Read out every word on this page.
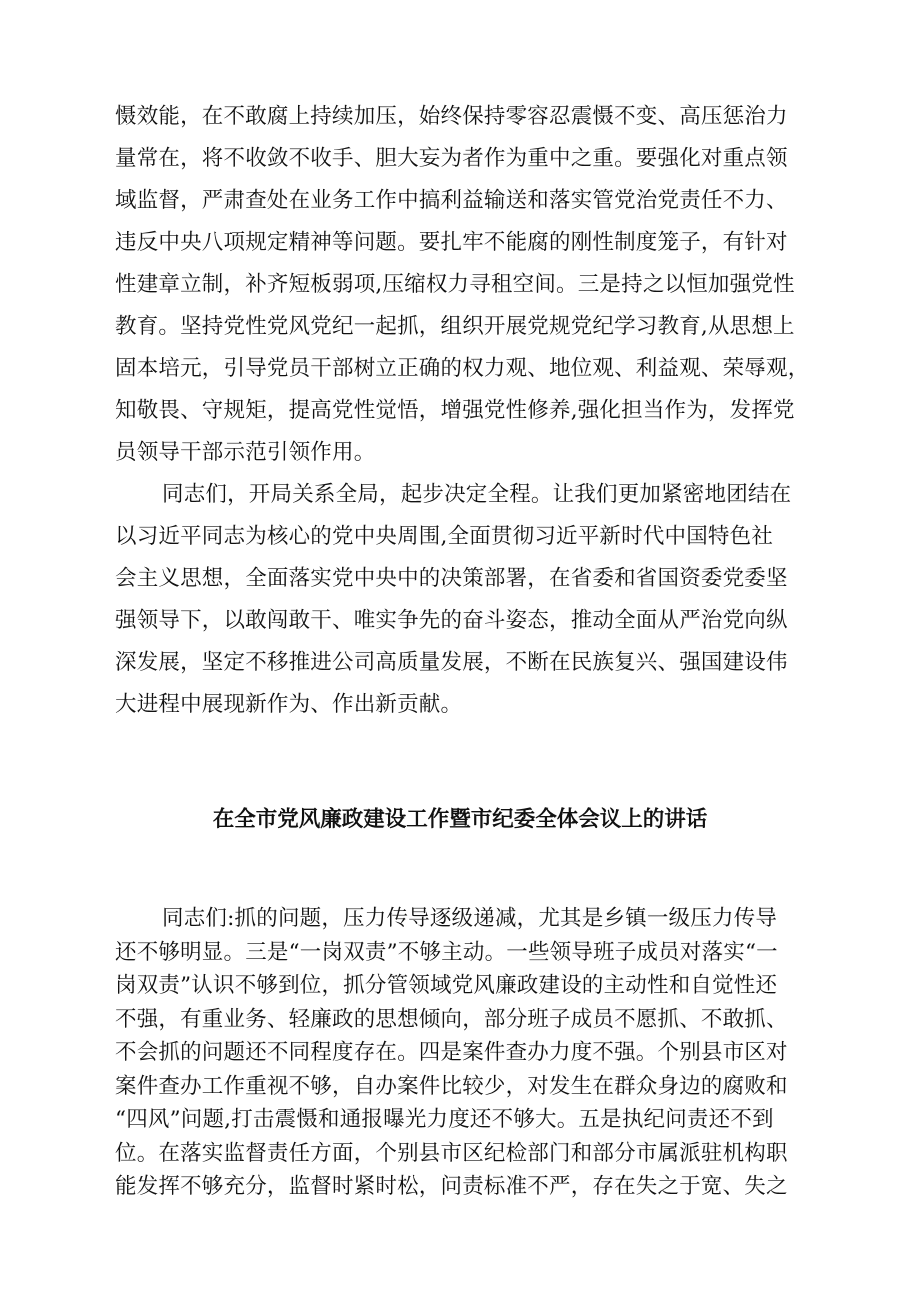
慑效能，在不敢腐上持续加压，始终保持零容忍震慑不变、高压惩治力
量常在，将不收敛不收手、胆大妄为者作为重中之重。要强化对重点领
域监督，严肃查处在业务工作中搞利益输送和落实管党治党责任不力、
违反中央八项规定精神等问题。要扎牢不能腐的刚性制度笼子，有针对
性建章立制，补齐短板弱项,压缩权力寻租空间。三是持之以恒加强党性
教育。坚持党性党风党纪一起抓，组织开展党规党纪学习教育,从思想上
固本培元，引导党员干部树立正确的权力观、地位观、利益观、荣辱观，
知敬畏、守规矩，提高党性觉悟，增强党性修养,强化担当作为，发挥党
员领导干部示范引领作用。
同志们，开局关系全局，起步决定全程。让我们更加紧密地团结在
以习近平同志为核心的党中央周围,全面贯彻习近平新时代中国特色社
会主义思想，全面落实党中央中的决策部署，在省委和省国资委党委坚
强领导下，以敢闯敢干、唯实争先的奋斗姿态，推动全面从严治党向纵
深发展，坚定不移推进公司高质量发展，不断在民族复兴、强国建设伟
大进程中展现新作为、作出新贡献。
在全市党风廉政建设工作暨市纪委全体会议上的讲话
同志们:抓的问题，压力传导逐级递减，尤其是乡镇一级压力传导
还不够明显。三是“一岗双责”不够主动。一些领导班子成员对落实“一
岗双责”认识不够到位，抓分管领域党风廉政建设的主动性和自觉性还
不强，有重业务、轻廉政的思想倾向，部分班子成员不愿抓、不敢抓、
不会抓的问题还不同程度存在。四是案件查办力度不强。个别县市区对
案件查办工作重视不够，自办案件比较少，对发生在群众身边的腐败和
“四风”问题,打击震慑和通报曝光力度还不够大。五是执纪问责还不到
位。在落实监督责任方面，个别县市区纪检部门和部分市属派驻机构职
能发挥不够充分，监督时紧时松，问责标准不严，存在失之于宽、失之
